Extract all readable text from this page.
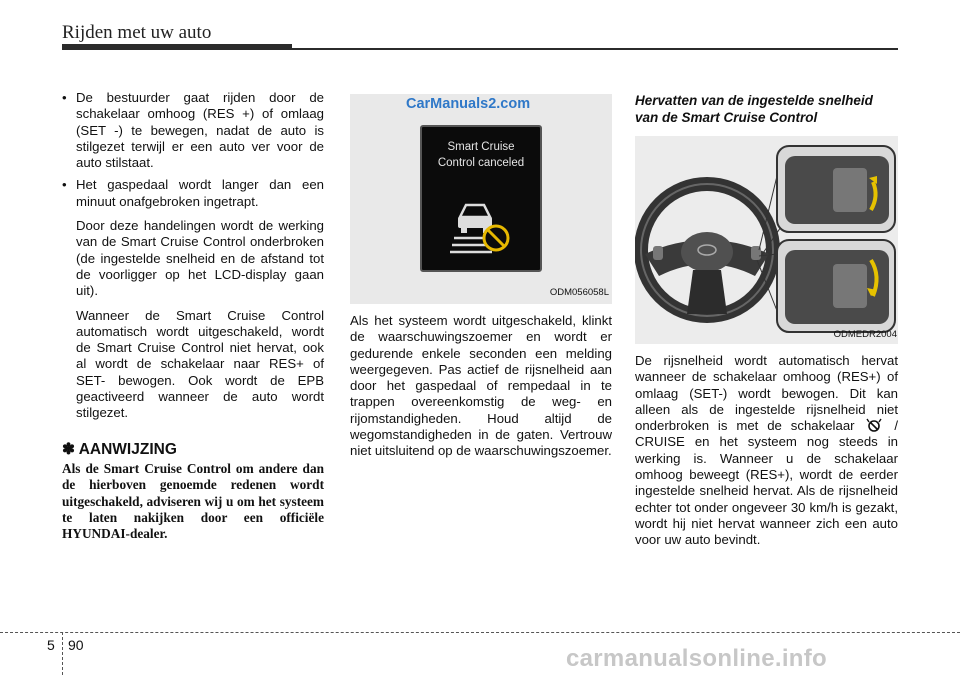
Rijden met uw auto

• De bestuurder gaat rijden door de schakelaar omhoog (RES +) of omlaag (SET -) te bewegen, nadat de auto is stilgezet terwijl er een auto ver voor de auto stilstaat.

• Het gaspedaal wordt langer dan een minuut onafgebroken ingetrapt.

Door deze handelingen wordt de werking van de Smart Cruise Control onderbroken (de ingestelde snelheid en de afstand tot de voorligger op het LCD-display gaan uit).

Wanneer de Smart Cruise Control automatisch wordt uitgeschakeld, wordt de Smart Cruise Control niet hervat, ook al wordt de schakelaar naar RES+ of SET- bewogen. Ook wordt de EPB geactiveerd wanneer de auto wordt stilgezet.

✽ AANWIJZING

Als de Smart Cruise Control om andere dan de hierboven genoemde redenen wordt uitgeschakeld, adviseren wij u om het systeem te laten nakijken door een officiële HYUNDAI-dealer.

CarManuals2.com
Smart Cruise
Control canceled
ODM056058L

Als het systeem wordt uitgeschakeld, klinkt de waarschuwingszoemer en wordt er gedurende enkele seconden een melding weergegeven. Pas actief de rijsnelheid aan door het gaspedaal of rempedaal in te trappen overeenkomstig de weg- en rijomstandigheden. Houd altijd de wegomstandigheden in de gaten. Vertrouw niet uitsluitend op de waarschuwingszoemer.

Hervatten van de ingestelde snelheid van de Smart Cruise Control
ODMEDR2004

De rijsnelheid wordt automatisch hervat wanneer de schakelaar omhoog (RES+) of omlaag (SET-) wordt bewogen. Dit kan alleen als de ingestelde rijsnelheid niet onderbroken is met de schakelaar	/ CRUISE en het systeem nog steeds in werking is. Wanneer u de schakelaar omhoog beweegt (RES+), wordt de eerder ingestelde snelheid hervat. Als de rijsnelheid echter tot onder ongeveer 30 km/h is gezakt, wordt hij niet hervat wanneer zich een auto voor uw auto bevindt.

5 90	carmanualsonline.info
